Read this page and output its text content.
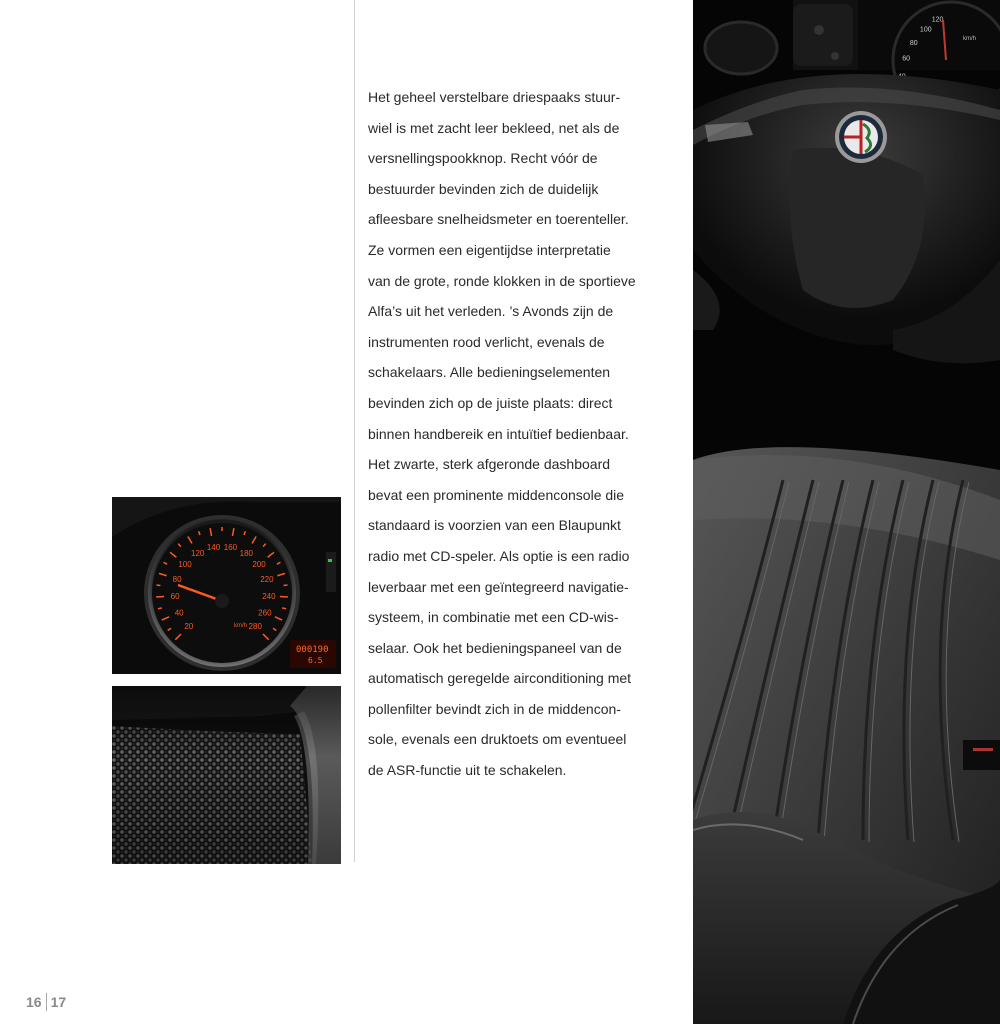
Het geheel verstelbare driespaaks stuur-
wiel is met zacht leer bekleed, net als de
versnellingspookknop. Recht vóór de
bestuurder bevinden zich de duidelijk
afleesbare snelheidsmeter en toerenteller.
Ze vormen een eigentijdse interpretatie
van de grote, ronde klokken in de sportieve
Alfa’s uit het verleden. ’s Avonds zijn de
instrumenten rood verlicht, evenals de
schakelaars. Alle bedieningselementen
bevinden zich op de juiste plaats: direct
binnen handbereik en intuïtief bedienbaar.
Het zwarte, sterk afgeronde dashboard
bevat een prominente middenconsole die
standaard is voorzien van een Blaupunkt
radio met CD-speler. Als optie is een radio
leverbaar met een geïntegreerd navigatie-
systeem, in combinatie met een CD-wis-
selaar. Ook het bedieningspaneel van de
automatisch geregelde airconditioning met
pollenfilter bevindt zich in de middencon-
sole, evenals een druktoets om eventueel
de ASR-functie uit te schakelen.
20
40
60
80
100
120
140 160
180
200
220
240
260
280
km/h
000190
6.5
120
100
80
60
km/h
16 17
